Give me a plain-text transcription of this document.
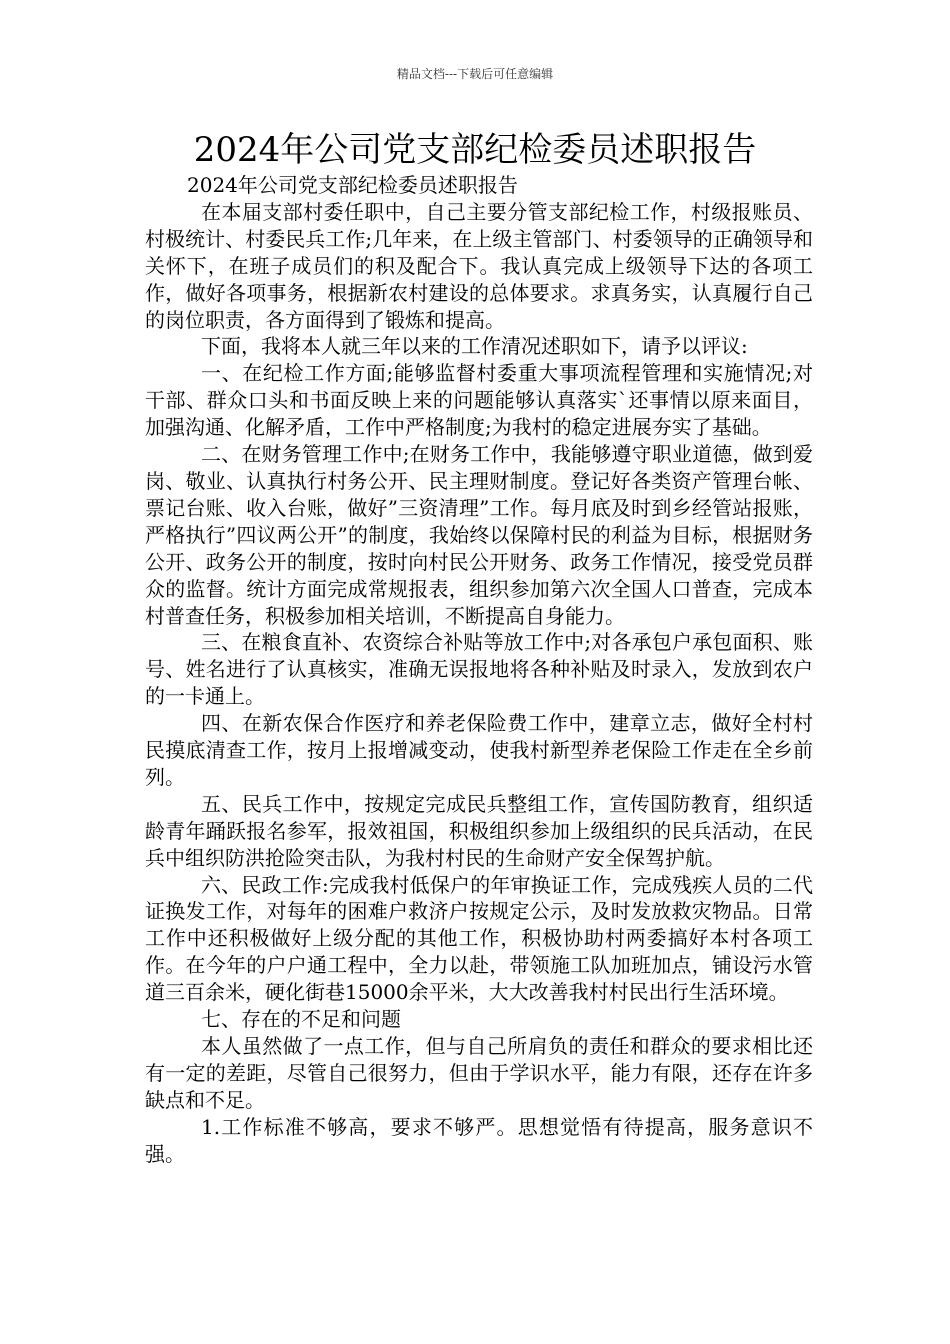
精品文档---下载后可任意编辑
2024年公司党支部纪检委员述职报告

2024年公司党支部纪检委员述职报告

在本届支部村委任职中，自己主要分管支部纪检工作，村级报账员、村极统计、村委民兵工作;几年来，在上级主管部门、村委领导的正确领导和关怀下，在班子成员们的积及配合下。我认真完成上级领导下达的各项工作，做好各项事务，根据新农村建设的总体要求。求真务实，认真履行自己的岗位职责，各方面得到了锻炼和提高。

下面，我将本人就三年以来的工作清况述职如下，请予以评议:

一、在纪检工作方面;能够监督村委重大事项流程管理和实施情况;对干部、群众口头和书面反映上来的问题能够认真落实`还事情以原来面目，加强沟通、化解矛盾，工作中严格制度;为我村的稳定进展夯实了基础。

二、在财务管理工作中;在财务工作中，我能够遵守职业道德，做到爱岗、敬业、认真执行村务公开、民主理财制度。登记好各类资产管理台帐、票记台账、收入台账，做好”三资清理”工作。每月底及时到乡经管站报账，严格执行”四议两公开”的制度，我始终以保障村民的利益为目标，根据财务公开、政务公开的制度，按时向村民公开财务、政务工作情况，接受党员群众的监督。统计方面完成常规报表，组织参加第六次全国人口普查，完成本村普查任务，积极参加相关培训，不断提高自身能力。

三、在粮食直补、农资综合补贴等放工作中;对各承包户承包面积、账号、姓名进行了认真核实，准确无误报地将各种补贴及时录入，发放到农户的一卡通上。

四、在新农保合作医疗和养老保险费工作中，建章立志，做好全村村民摸底清查工作，按月上报增减变动，使我村新型养老保险工作走在全乡前列。

五、民兵工作中，按规定完成民兵整组工作，宣传国防教育，组织适龄青年踊跃报名参军，报效祖国，积极组织参加上级组织的民兵活动，在民兵中组织防洪抢险突击队，为我村村民的生命财产安全保驾护航。

六、民政工作:完成我村低保户的年审换证工作，完成残疾人员的二代证换发工作，对每年的困难户救济户按规定公示，及时发放救灾物品。日常工作中还积极做好上级分配的其他工作，积极协助村两委搞好本村各项工作。在今年的户户通工程中，全力以赴，带领施工队加班加点，铺设污水管道三百余米，硬化街巷15000余平米，大大改善我村村民出行生活环境。

七、存在的不足和问题

本人虽然做了一点工作，但与自己所肩负的责任和群众的要求相比还有一定的差距，尽管自己很努力，但由于学识水平，能力有限，还存在许多缺点和不足。

1.工作标准不够高，要求不够严。思想觉悟有待提高，服务意识不强。
